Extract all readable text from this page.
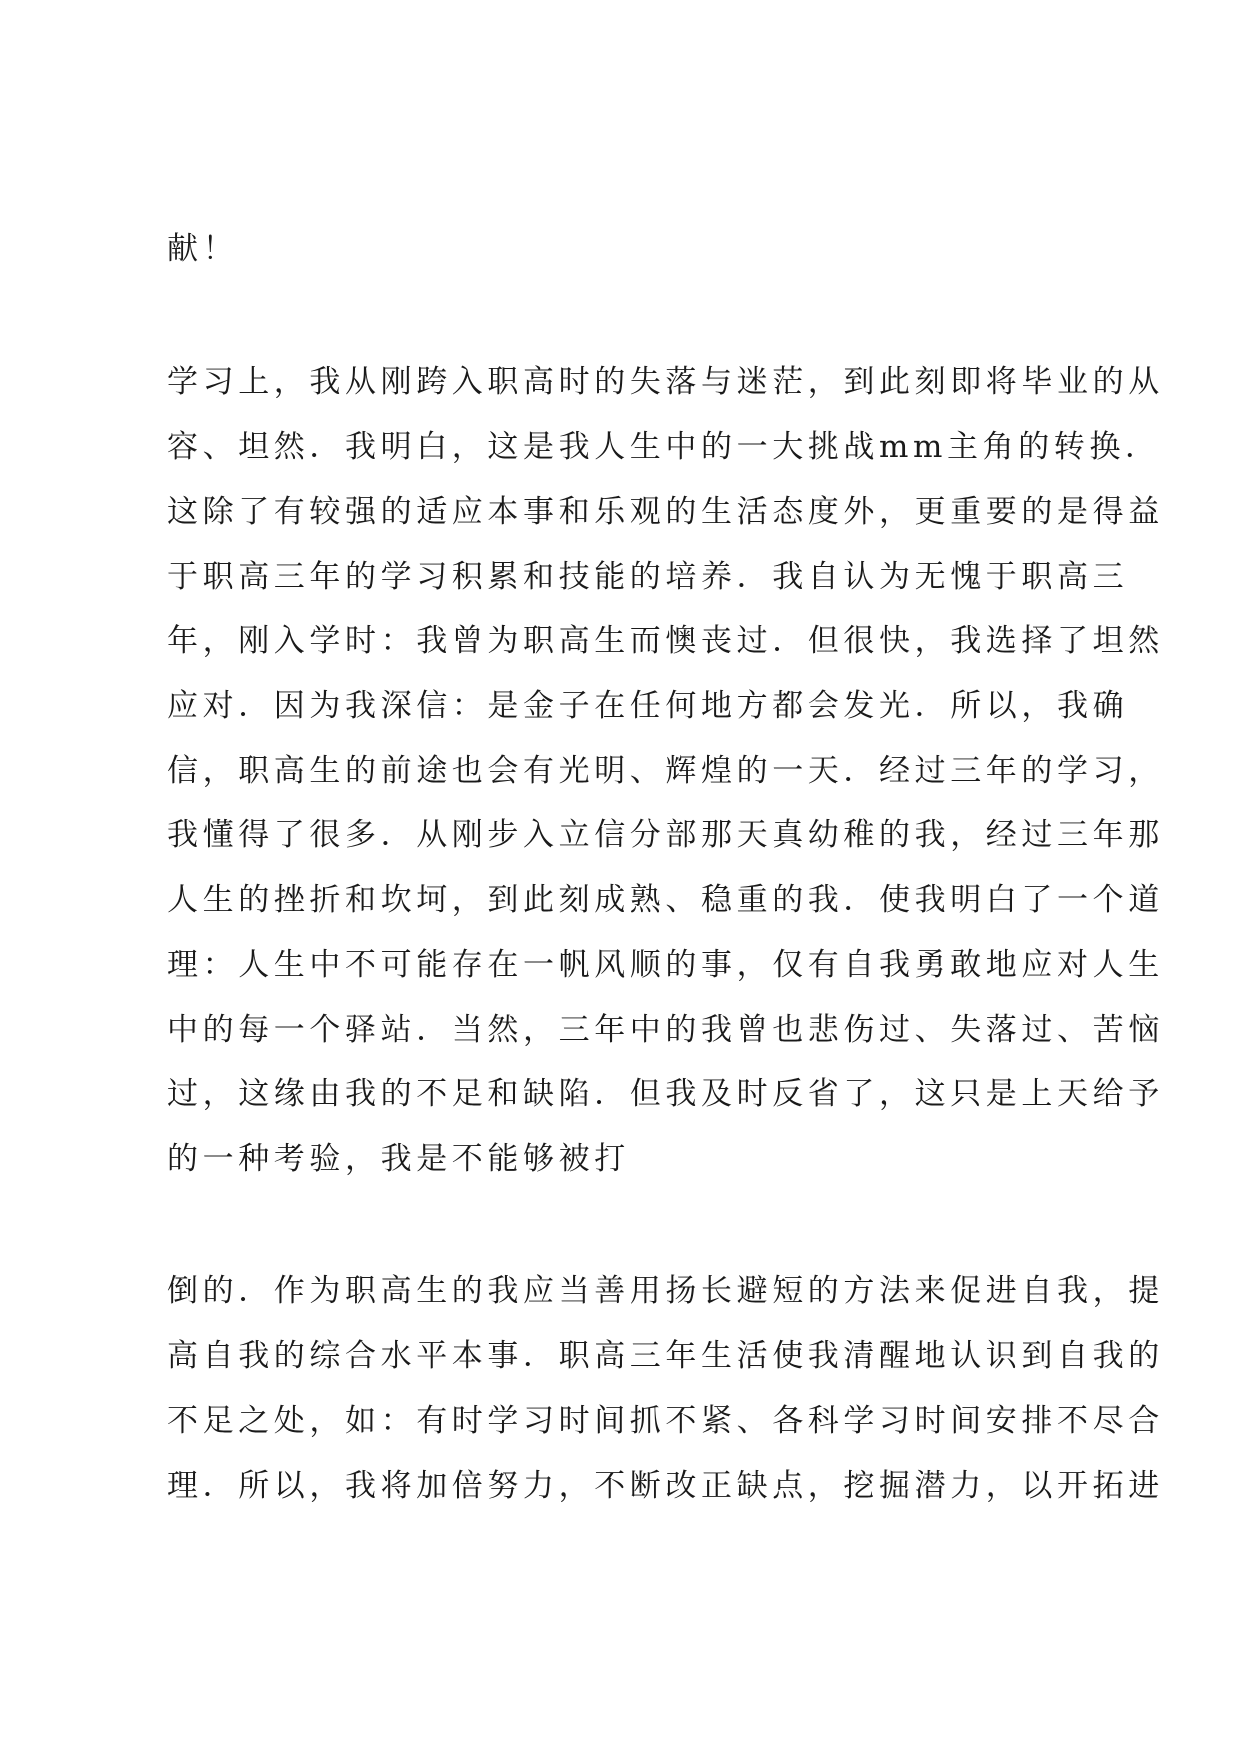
献！
学习上，我从刚跨入职高时的失落与迷茫，到此刻即将毕业的从
容、坦然．我明白，这是我人生中的一大挑战mm主角的转换．
这除了有较强的适应本事和乐观的生活态度外，更重要的是得益
于职高三年的学习积累和技能的培养．我自认为无愧于职高三
年，刚入学时：我曾为职高生而懊丧过．但很快，我选择了坦然
应对．因为我深信：是金子在任何地方都会发光．所以，我确
信，职高生的前途也会有光明、辉煌的一天．经过三年的学习，
我懂得了很多．从刚步入立信分部那天真幼稚的我，经过三年那
人生的挫折和坎坷，到此刻成熟、稳重的我．使我明白了一个道
理：人生中不可能存在一帆风顺的事，仅有自我勇敢地应对人生
中的每一个驿站．当然，三年中的我曾也悲伤过、失落过、苦恼
过，这缘由我的不足和缺陷．但我及时反省了，这只是上天给予
的一种考验，我是不能够被打
倒的．作为职高生的我应当善用扬长避短的方法来促进自我，提
高自我的综合水平本事．职高三年生活使我清醒地认识到自我的
不足之处，如：有时学习时间抓不紧、各科学习时间安排不尽合
理．所以，我将加倍努力，不断改正缺点，挖掘潜力，以开拓进
